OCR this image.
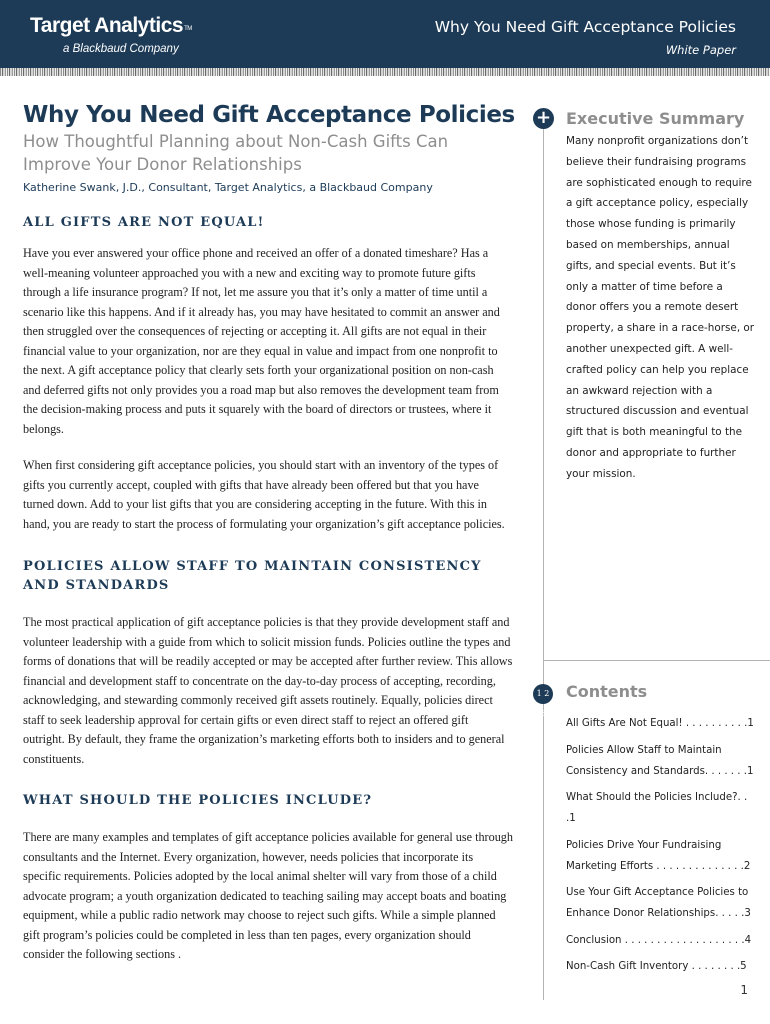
Target AnalyticsTM
a Blackbaud Company
Why You Need Gift Acceptance Policies
White Paper
Why You Need Gift Acceptance Policies
How Thoughtful Planning about Non-Cash Gifts Can
Improve Your Donor Relationships
Katherine Swank, J.D., Consultant, Target Analytics, a Blackbaud Company
ALL GIFTS ARE NOT EQUAL!

Have you ever answered your office phone and received an offer of a donated timeshare? Has a well-meaning volunteer approached you with a new and exciting way to promote future gifts through a life insurance program? If not, let me assure you that it’s only a matter of time until a scenario like this happens. And if it already has, you may have hesitated to commit an answer and then struggled over the consequences of rejecting or accepting it. All gifts are not equal in their financial value to your organization, nor are they equal in value and impact from one nonprofit to the next. A gift acceptance policy that clearly sets forth your organizational position on non-cash and deferred gifts not only provides you a road map but also removes the development team from the decision-making process and puts it squarely with the board of directors or trustees, where it belongs.

When first considering gift acceptance policies, you should start with an inventory of the types of gifts you currently accept, coupled with gifts that have already been offered but that you have turned down. Add to your list gifts that you are considering accepting in the future. With this in hand, you are ready to start the process of formulating your organization’s gift acceptance policies.

POLICIES ALLOW STAFF TO MAINTAIN CONSISTENCY AND STANDARDS

The most practical application of gift acceptance policies is that they provide development staff and volunteer leadership with a guide from which to solicit mission funds. Policies outline the types and forms of donations that will be readily accepted or may be accepted after further review. This allows financial and development staff to concentrate on the day-to-day process of accepting, recording, acknowledging, and stewarding commonly received gift assets routinely. Equally, policies direct staff to seek leadership approval for certain gifts or even direct staff to reject an offered gift outright. By default, they frame the organization’s marketing efforts both to insiders and to general constituents.

WHAT SHOULD THE POLICIES INCLUDE?

There are many examples and templates of gift acceptance policies available for general use through consultants and the Internet. Every organization, however, needs policies that incorporate its specific requirements. Policies adopted by the local animal shelter will vary from those of a child advocate program; a youth organization dedicated to teaching sailing may accept boats and boating equipment, while a public radio network may choose to reject such gifts. While a simple planned gift program’s policies could be completed in less than ten pages, every organization should consider the following sections .

+
1 2 3
Executive Summary

Many nonprofit organizations don’t believe their fundraising programs are sophisticated enough to require a gift acceptance policy, especially those whose funding is primarily based on memberships, annual gifts, and special events. But it’s only a matter of time before a donor offers you a remote desert property, a share in a race-horse, or another unexpected gift. A well-crafted policy can help you replace an awkward rejection with a structured discussion and eventual gift that is both meaningful to the donor and appropriate to further your mission.

Contents
All Gifts Are Not Equal! . . . . . . . . . .1
Policies Allow Staff to Maintain
Consistency and Standards. . . . . . .1
What Should the Policies Include?. . .1
Policies Drive Your Fundraising
Marketing Efforts . . . . . . . . . . . . . .2
Use Your Gift Acceptance Policies to
Enhance Donor Relationships. . . . .3
Conclusion . . . . . . . . . . . . . . . . . . .4
Non-Cash Gift Inventory . . . . . . . .5
1
